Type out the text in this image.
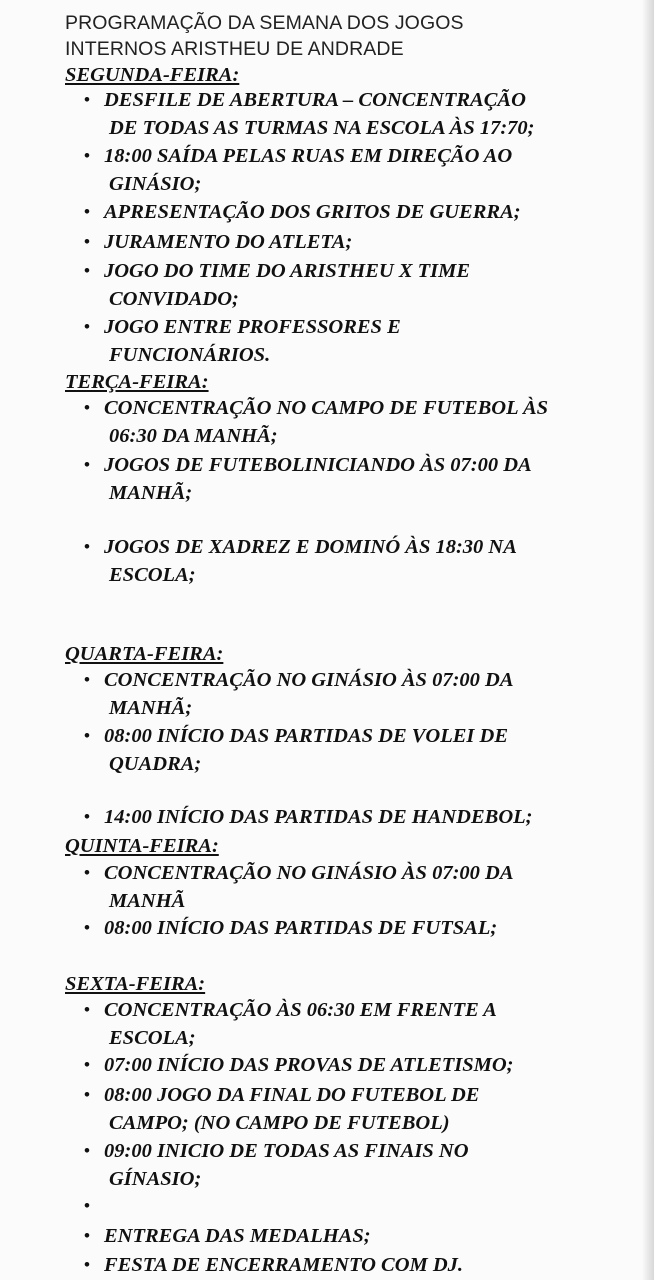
PROGRAMAÇÃO DA SEMANA DOS JOGOS
INTERNOS ARISTHEU DE ANDRADE
SEGUNDA-FEIRA:
• DESFILE DE ABERTURA – CONCENTRAÇÃO
DE TODAS AS TURMAS NA ESCOLA ÀS 17:70;
• 18:00 SAÍDA PELAS RUAS EM DIREÇÃO AO
GINÁSIO;
• APRESENTAÇÃO DOS GRITOS DE GUERRA;
• JURAMENTO DO ATLETA;
• JOGO DO TIME DO ARISTHEU X TIME
CONVIDADO;
• JOGO ENTRE PROFESSORES E
FUNCIONÁRIOS.
TERÇA-FEIRA:
• CONCENTRAÇÃO NO CAMPO DE FUTEBOL ÀS
06:30 DA MANHÃ;
• JOGOS DE FUTEBOLINICIANDO ÀS 07:00 DA
MANHÃ;
• JOGOS DE XADREZ E DOMINÓ ÀS 18:30 NA
ESCOLA;
QUARTA-FEIRA:
• CONCENTRAÇÃO NO GINÁSIO ÀS 07:00 DA
MANHÃ;
• 08:00 INÍCIO DAS PARTIDAS DE VOLEI DE
QUADRA;
• 14:00 INÍCIO DAS PARTIDAS DE HANDEBOL;
QUINTA-FEIRA:
• CONCENTRAÇÃO NO GINÁSIO ÀS 07:00 DA
MANHÃ
• 08:00 INÍCIO DAS PARTIDAS DE FUTSAL;
SEXTA-FEIRA:
• CONCENTRAÇÃO ÀS 06:30 EM FRENTE A
ESCOLA;
• 07:00 INÍCIO DAS PROVAS DE ATLETISMO;
• 08:00 JOGO DA FINAL DO FUTEBOL DE
CAMPO; (NO CAMPO DE FUTEBOL)
• 09:00 INICIO DE TODAS AS FINAIS NO
GÍNASIO;
•
• ENTREGA DAS MEDALHAS;
• FESTA DE ENCERRAMENTO COM DJ.
